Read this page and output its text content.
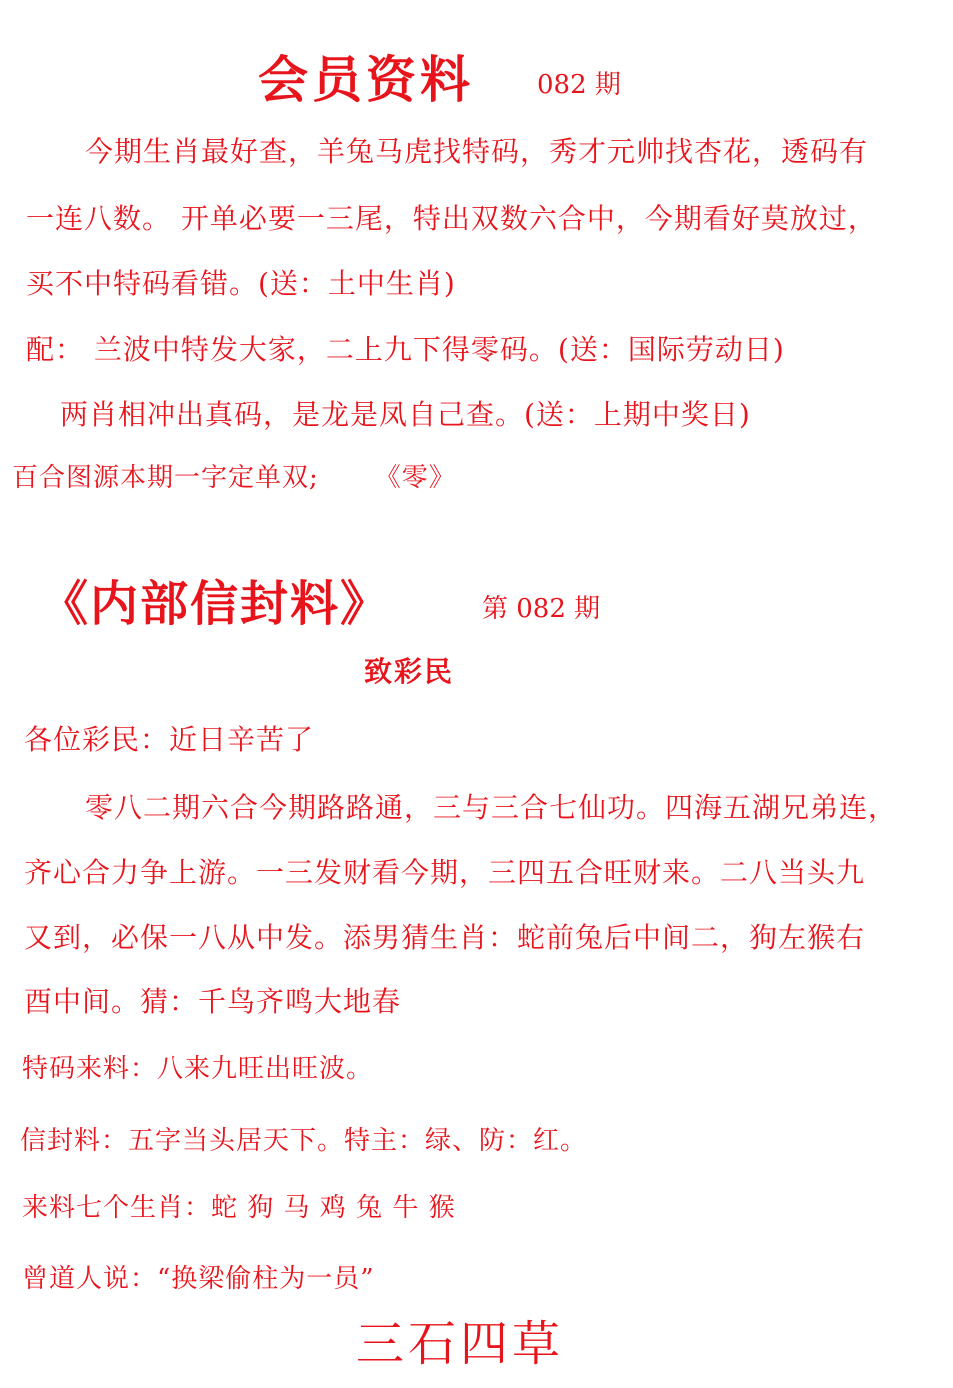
会员资料 082 期
今期生肖最好查，羊兔马虎找特码，秀才元帅找杏花，透码有
一连八数。 开单必要一三尾，特出双数六合中，今期看好莫放过，
买不中特码看错。(送：土中生肖)
配： 兰波中特发大家，二上九下得零码。(送：国际劳动日)
两肖相冲出真码，是龙是凤自己查。(送：上期中奖日)
百合图源本期一字定单双; 《零》
《内部信封料》	第 082 期
致彩民
各位彩民：近日辛苦了
零八二期六合今期路路通，三与三合七仙功。四海五湖兄弟连，
齐心合力争上游。一三发财看今期，三四五合旺财来。二八当头九
又到，必保一八从中发。添男猜生肖：蛇前兔后中间二，狗左猴右
酉中间。猜：千鸟齐鸣大地春
特码来料：八来九旺出旺波。
信封料：五字当头居天下。特主：绿、防：红。
来料七个生肖：蛇 狗 马 鸡 兔 牛 猴
曾道人说：“换梁偷柱为一员”
三石四草
